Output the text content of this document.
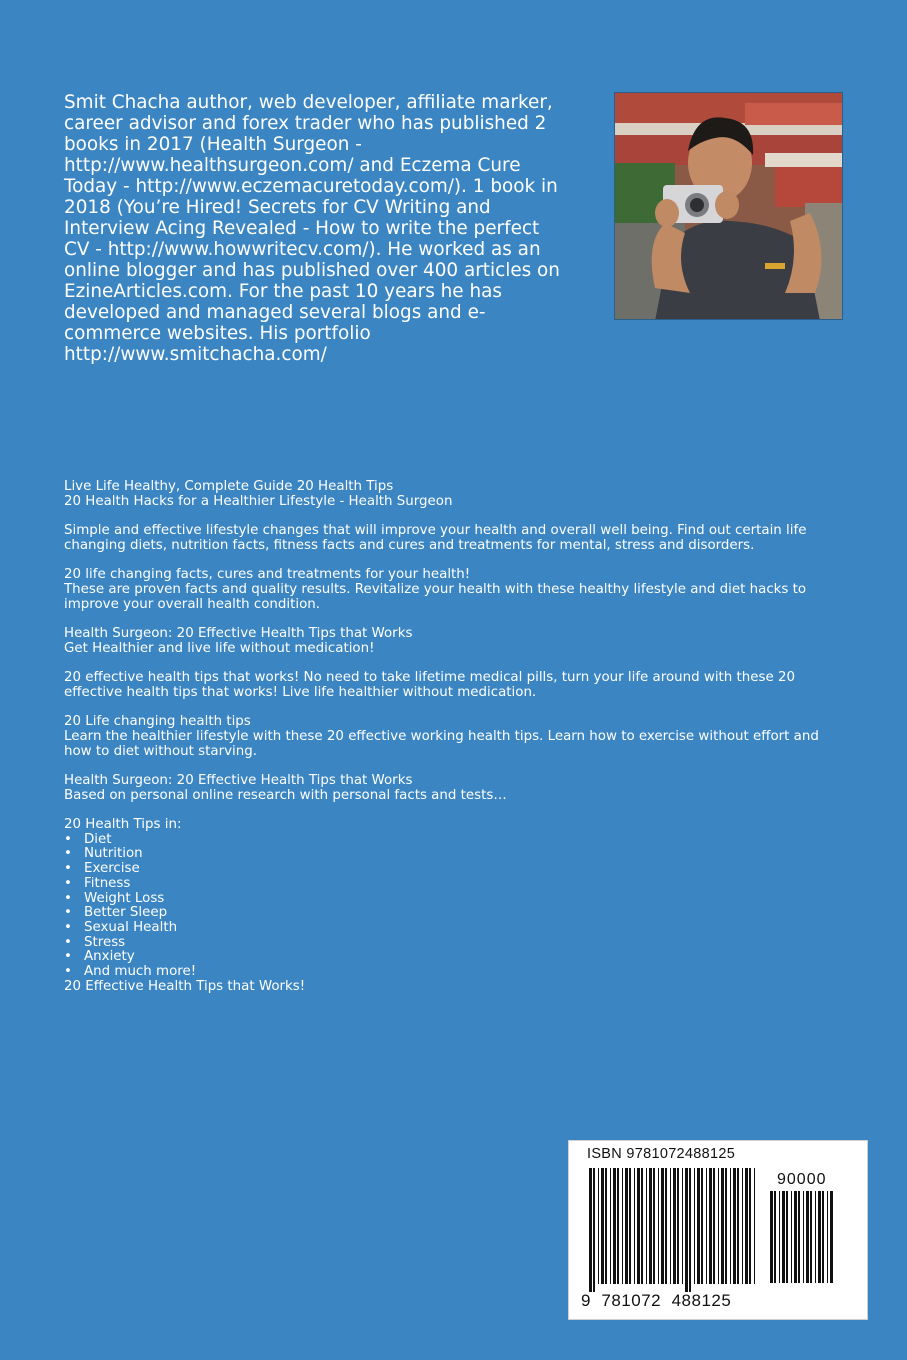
Smit Chacha author, web developer, affiliate marker,
career advisor and forex trader who has published 2
books in 2017 (Health Surgeon -
http://www.healthsurgeon.com/ and Eczema Cure
Today - http://www.eczemacuretoday.com/). 1 book in
2018 (You’re Hired! Secrets for CV Writing and
Interview Acing Revealed - How to write the perfect
CV - http://www.howwritecv.com/). He worked as an
online blogger and has published over 400 articles on
EzineArticles.com. For the past 10 years he has
developed and managed several blogs and e-
commerce websites. His portfolio
http://www.smitchacha.com/
Live Life Healthy, Complete Guide 20 Health Tips
20 Health Hacks for a Healthier Lifestyle - Health Surgeon
Simple and effective lifestyle changes that will improve your health and overall well being. Find out certain life
changing diets, nutrition facts, fitness facts and cures and treatments for mental, stress and disorders.
20 life changing facts, cures and treatments for your health!
These are proven facts and quality results. Revitalize your health with these healthy lifestyle and diet hacks to
improve your overall health condition.
Health Surgeon: 20 Effective Health Tips that Works
Get Healthier and live life without medication!
20 effective health tips that works! No need to take lifetime medical pills, turn your life around with these 20
effective health tips that works! Live life healthier without medication.
20 Life changing health tips
Learn the healthier lifestyle with these 20 effective working health tips. Learn how to exercise without effort and
how to diet without starving.
Health Surgeon: 20 Effective Health Tips that Works
Based on personal online research with personal facts and tests…
20 Health Tips in:
• Diet
• Nutrition
• Exercise
• Fitness
• Weight Loss
• Better Sleep
• Sexual Health
• Stress
• Anxiety
• And much more!
20 Effective Health Tips that Works!
ISBN 9781072488125
90000
9  781072  488125
